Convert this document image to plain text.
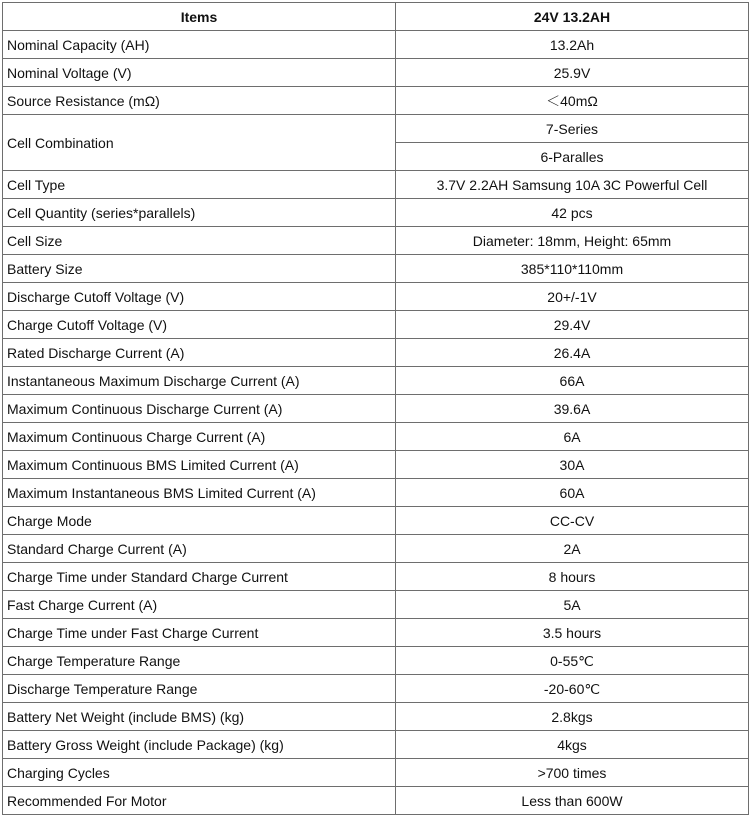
Items	24V 13.2AH
Nominal Capacity (AH)	13.2Ah
Nominal Voltage (V)	25.9V
Source Resistance (mΩ)	＜40mΩ
Cell Combination	7-Series
	6-Paralles
Cell Type	3.7V 2.2AH Samsung 10A 3C Powerful Cell
Cell Quantity (series*parallels)	42 pcs
Cell Size	Diameter: 18mm, Height: 65mm
Battery Size	385*110*110mm
Discharge Cutoff Voltage (V)	20+/-1V
Charge Cutoff Voltage (V)	29.4V
Rated Discharge Current (A)	26.4A
Instantaneous Maximum Discharge Current (A)	66A
Maximum Continuous Discharge Current (A)	39.6A
Maximum Continuous Charge Current (A)	6A
Maximum Continuous BMS Limited Current (A)	30A
Maximum Instantaneous BMS Limited Current (A)	60A
Charge Mode	CC-CV
Standard Charge Current (A)	2A
Charge Time under Standard Charge Current	8 hours
Fast Charge Current (A)	5A
Charge Time under Fast Charge Current	3.5 hours
Charge Temperature Range	0-55℃
Discharge Temperature Range	-20-60℃
Battery Net Weight (include BMS) (kg)	2.8kgs
Battery Gross Weight (include Package) (kg)	4kgs
Charging Cycles	>700 times
Recommended For Motor	Less than 600W
